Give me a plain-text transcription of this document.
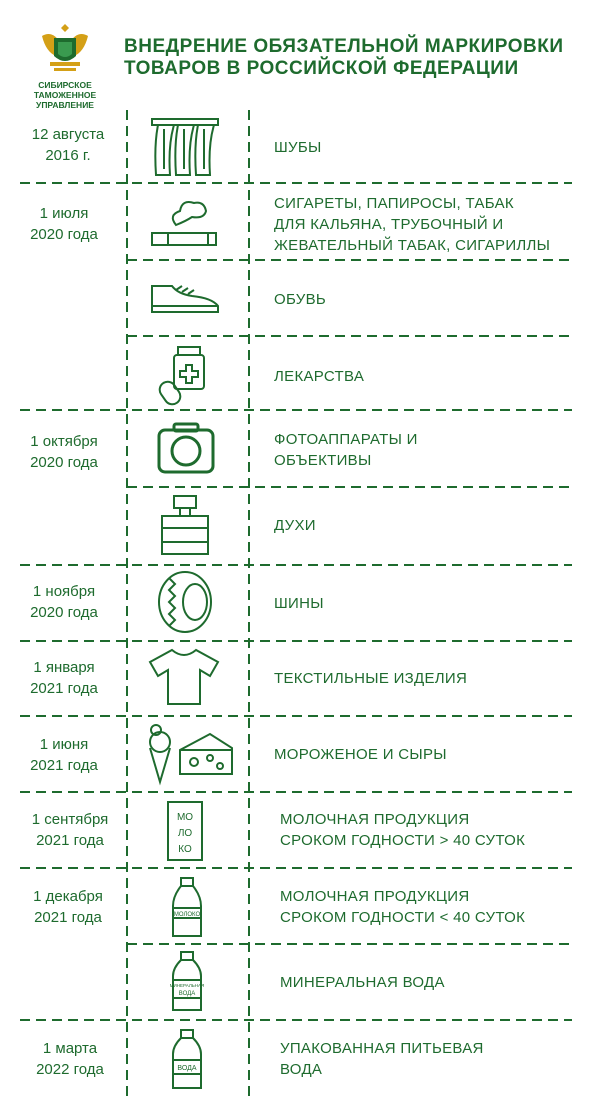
СИБИРСКОЕ
ТАМОЖЕННОЕ
УПРАВЛЕНИЕ
ВНЕДРЕНИЕ ОБЯЗАТЕЛЬНОЙ МАРКИРОВКИ
ТОВАРОВ В РОССИЙСКОЙ ФЕДЕРАЦИИ
12 августа
2016 г.
1 июля
2020 года
1 октября
2020 года
1 ноября
2020 года
1 января
2021 года
1 июня
2021 года
1 сентября
2021 года
1 декабря
2021 года
1 марта
2022 года
ШУБЫ
СИГАРЕТЫ, ПАПИРОСЫ, ТАБАК
ДЛЯ КАЛЬЯНА, ТРУБОЧНЫЙ И
ЖЕВАТЕЛЬНЫЙ ТАБАК, СИГАРИЛЛЫ
ОБУВЬ
ЛЕКАРСТВА
ФОТОАППАРАТЫ И
ОБЪЕКТИВЫ
ДУХИ
ШИНЫ
ТЕКСТИЛЬНЫЕ ИЗДЕЛИЯ
МОРОЖЕНОЕ И СЫРЫ
МОЛОЧНАЯ ПРОДУКЦИЯ
СРОКОМ ГОДНОСТИ > 40 СУТОК
МОЛОЧНАЯ ПРОДУКЦИЯ
СРОКОМ ГОДНОСТИ < 40 СУТОК
МИНЕРАЛЬНАЯ ВОДА
УПАКОВАННАЯ ПИТЬЕВАЯ
ВОДА
МО
ЛО
КО
МОЛОКО
МИНЕРАЛЬНАЯ
ВОДА
ВОДА
